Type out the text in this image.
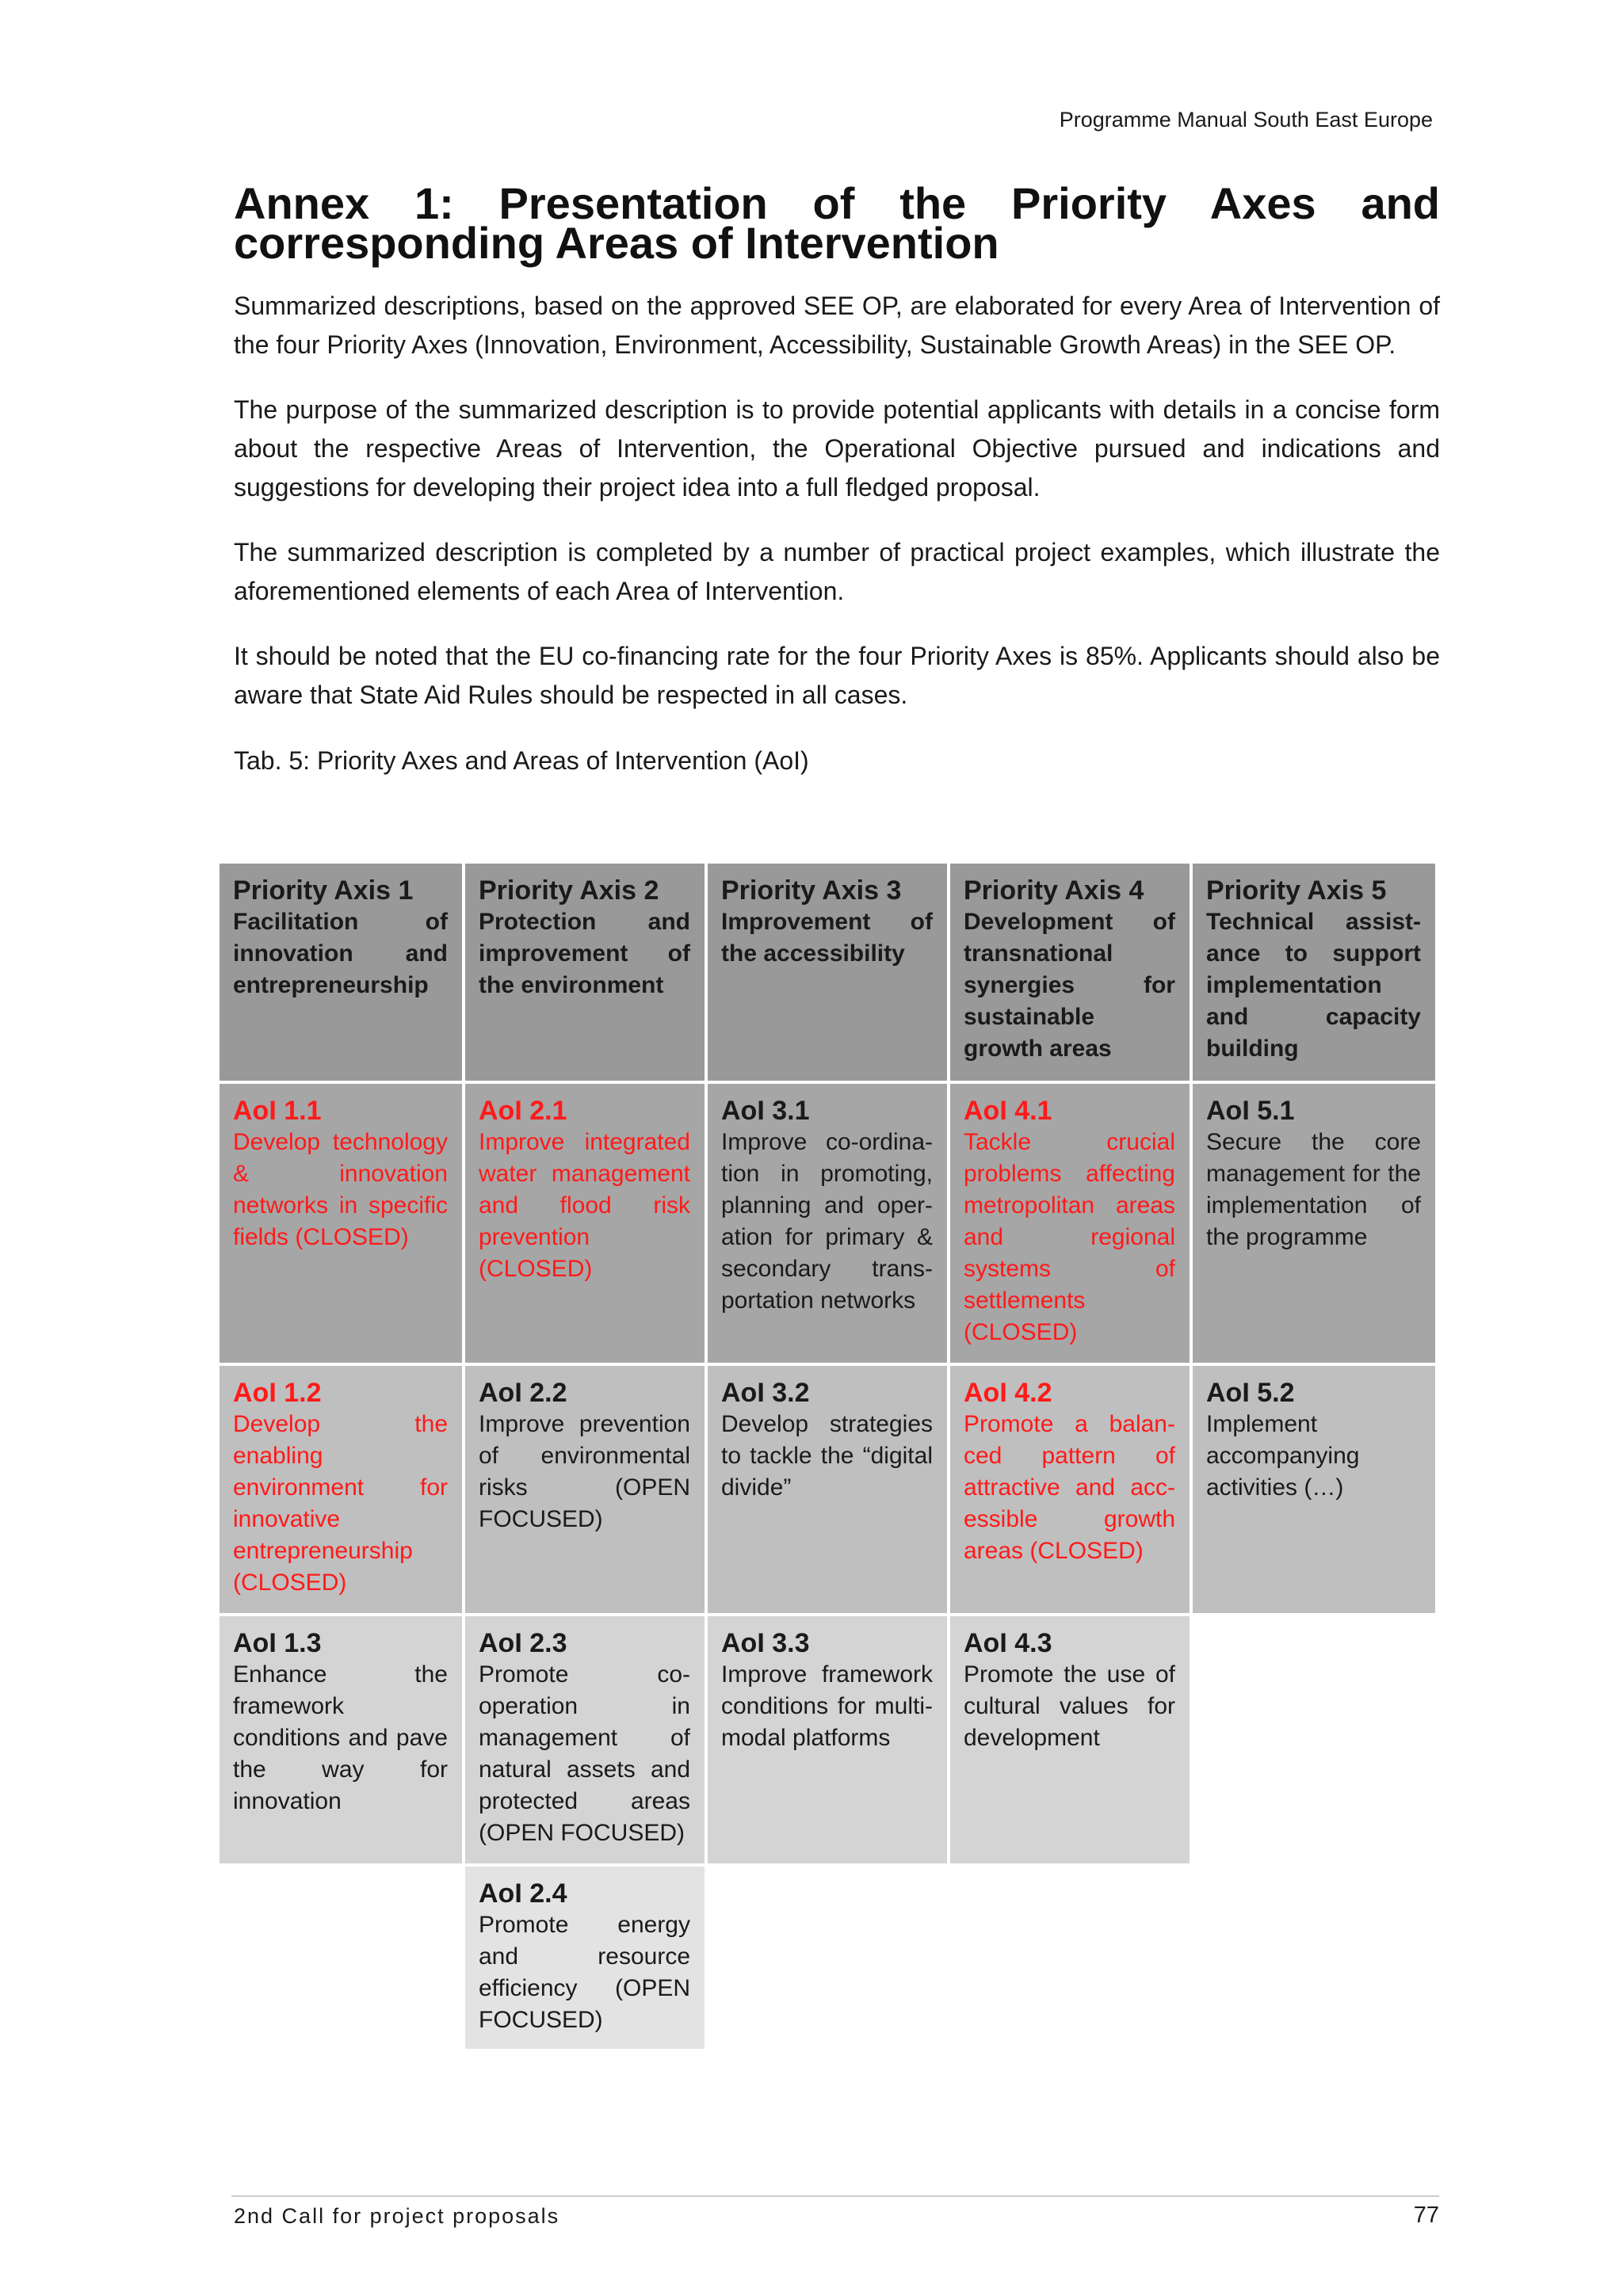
Programme Manual South East Europe
Annex 1: Presentation of the Priority Axes and corresponding Areas of Intervention

Summarized descriptions, based on the approved SEE OP, are elaborated for every Area of Intervention of the four Priority Axes (Innovation, Environment, Accessibility, Sustainable Growth Areas) in the SEE OP.

The purpose of the summarized description is to provide potential applicants with details in a concise form about the respective Areas of Intervention, the Operational Objective pursued and indications and suggestions for developing their project idea into a full fledged proposal.

The summarized description is completed by a number of practical project examples, which illustrate the aforementioned elements of each Area of Intervention.

It should be noted that the EU co-financing rate for the four Priority Axes is 85%. Applicants should also be aware that State Aid Rules should be respected in all cases.

Tab. 5: Priority Axes and Areas of Intervention (AoI)
Priority Axis 1
Facilitation of innovation and entrepreneurship
Priority Axis 2
Protection and improvement of the environment
Priority Axis 3
Improvement of the accessibility
Priority Axis 4
Development of transnational synergies for sustainable growth areas
Priority Axis 5
Technical assist-ance to support implementation and capacity building
AoI 1.1
Develop technology & innovation networks in specific fields (CLOSED)
AoI 2.1
Improve integrated water management and flood risk prevention (CLOSED)
AoI 3.1
Improve co-ordina-tion in promoting, planning and oper-ation for primary & secondary trans-portation networks
AoI 4.1
Tackle crucial problems affecting metropolitan areas and regional systems of settlements (CLOSED)
AoI 5.1
Secure the core management for the implementation of the programme
AoI 1.2
Develop the enabling environment for innovative entrepreneurship (CLOSED)
AoI 2.2
Improve prevention of environmental risks (OPEN FOCUSED)
AoI 3.2
Develop strategies to tackle the “digital divide”
AoI 4.2
Promote a balan-ced pattern of attractive and acc-essible growth areas (CLOSED)
AoI 5.2
Implement accompanying activities (…)
AoI 1.3
Enhance the framework conditions and pave the way for innovation
AoI 2.3
Promote co-operation in management of natural assets and protected areas (OPEN FOCUSED)
AoI 3.3
Improve framework conditions for multi-modal platforms
AoI 4.3
Promote the use of cultural values for development
AoI 2.4
Promote energy and resource efficiency (OPEN FOCUSED)
2nd Call for project proposals	77
